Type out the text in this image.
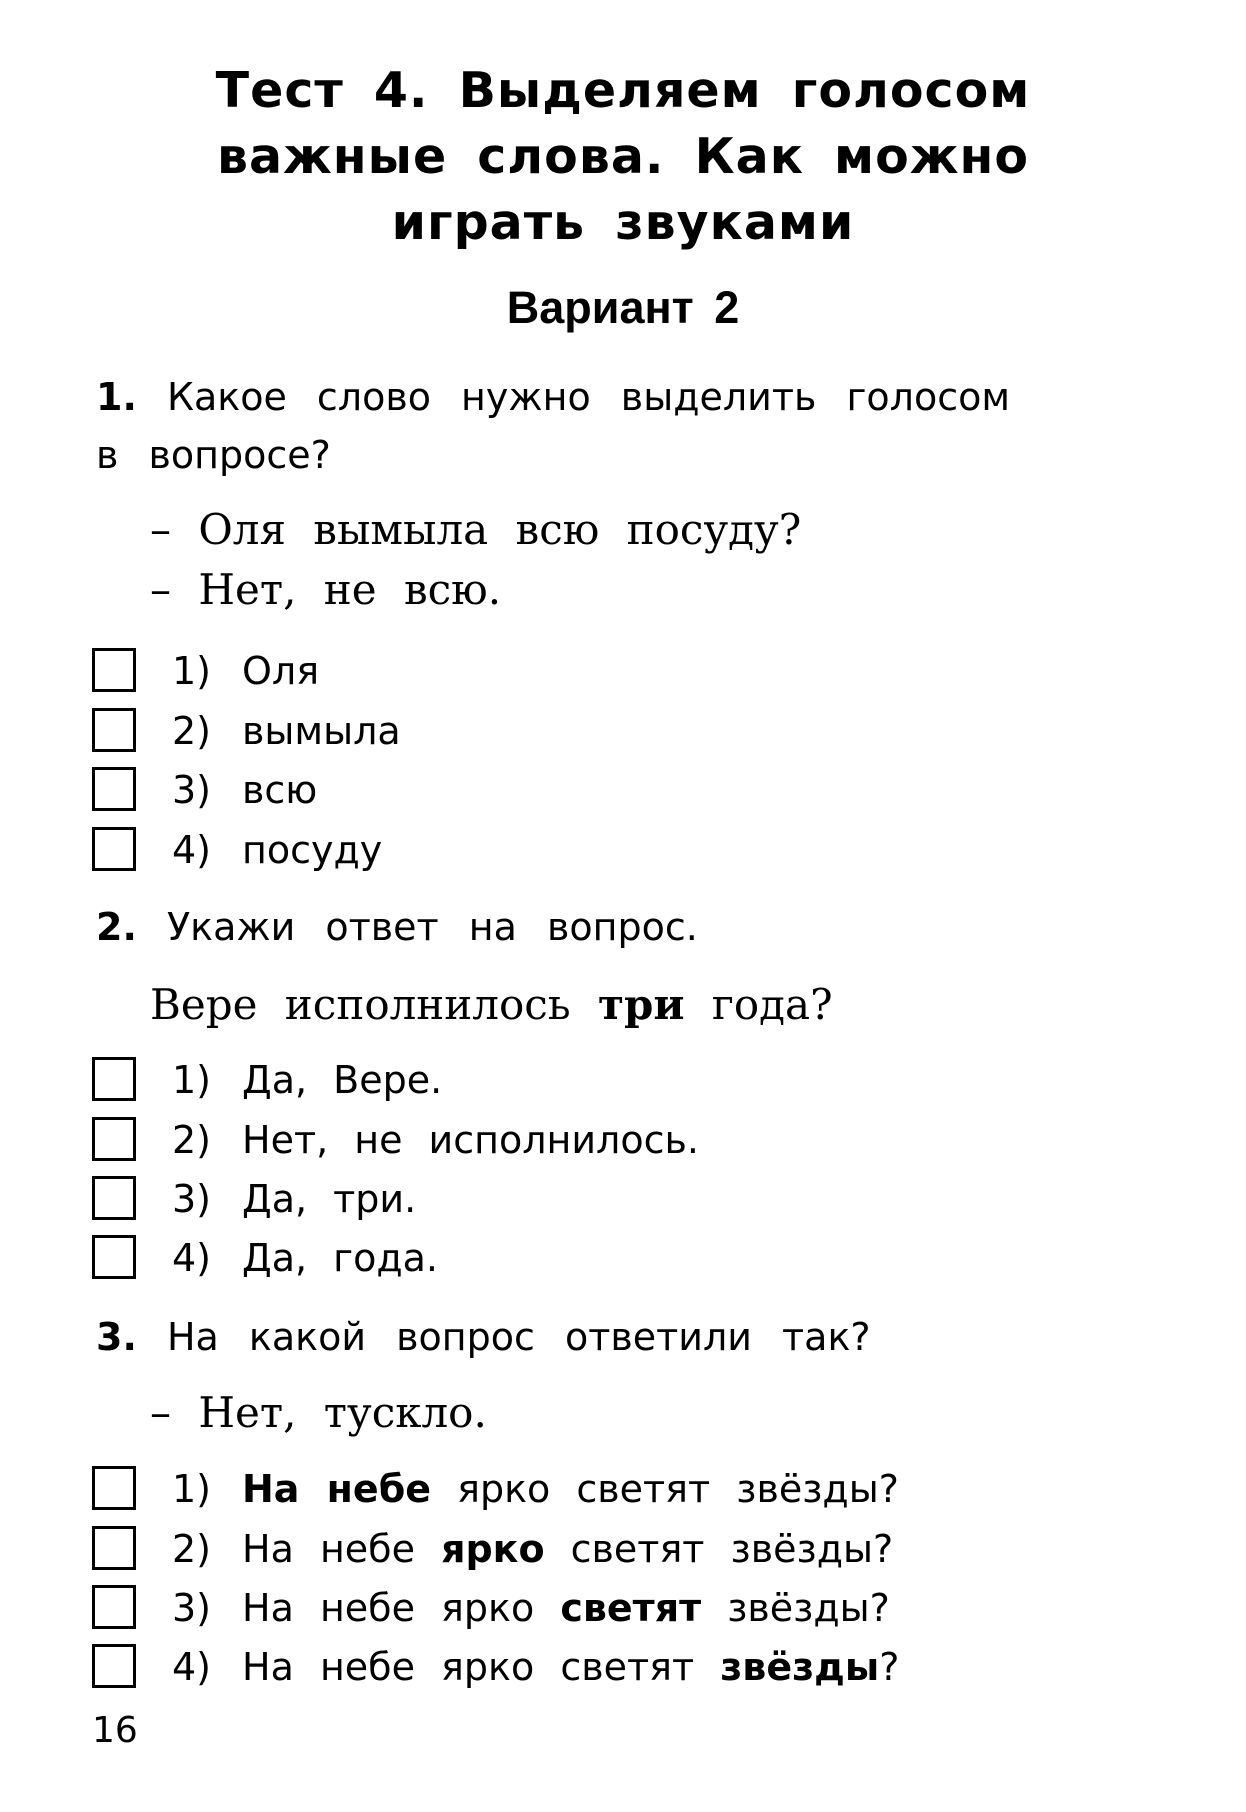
Тест 4. Выделяем голосом
важные слова. Как можно
играть звуками
Вариант 2
1. Какое слово нужно выделить голосом
в вопросе?
– Оля вымыла всю посуду?
– Нет, не всю.
1) Оля
2) вымыла
3) всю
4) посуду
2. Укажи ответ на вопрос.
Вере исполнилось три года?
1) Да, Вере.
2) Нет, не исполнилось.
3) Да, три.
4) Да, года.
3. На какой вопрос ответили так?
– Нет, тускло.
1) На небе ярко светят звёзды?
2) На небе ярко светят звёзды?
3) На небе ярко светят звёзды?
4) На небе ярко светят звёзды?
16
